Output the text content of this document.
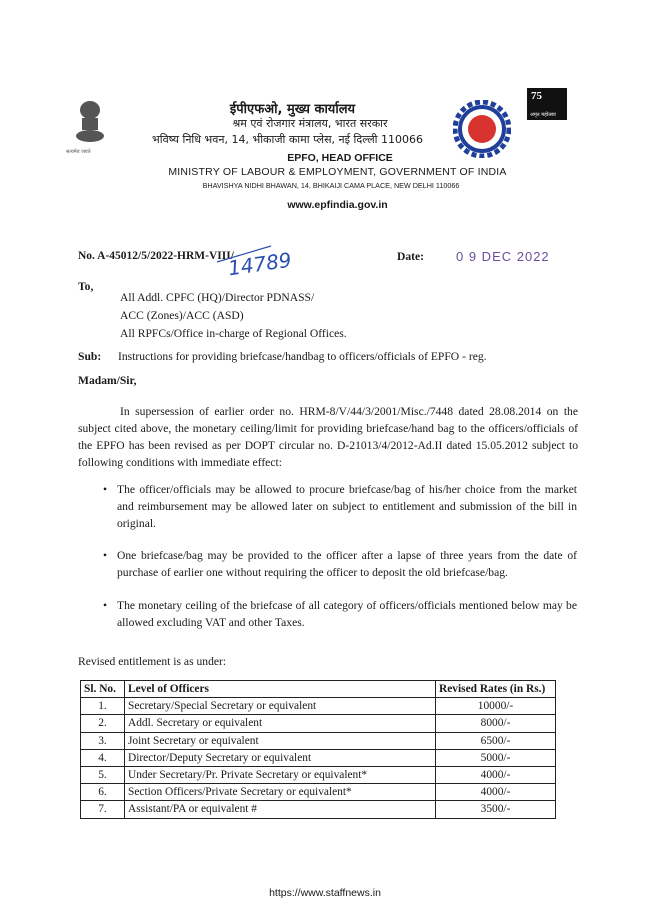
सत्यमेव जयते
ईपीएफओ, मुख्य कार्यालय
श्रम एवं रोजगार मंत्रालय, भारत सरकार
भविष्य निधि भवन, 14, भीकाजी कामा प्लेस, नई दिल्ली 110066
EPFO, HEAD OFFICE
MINISTRY OF LABOUR & EMPLOYMENT, GOVERNMENT OF INDIA
BHAVISHYA NIDHI BHAWAN, 14, BHIKAIJI CAMA PLACE, NEW DELHI 110066
www.epfindia.gov.in
अमृत महोत्सव
75
No. A-45012/5/2022-HRM-VIII/
14789	Date: 0 9 DEC 2022
To,
All Addl. CPFC (HQ)/Director PDNASS/
ACC (Zones)/ACC (ASD)
All RPFCs/Office in-charge of Regional Offices.
Sub: Instructions for providing briefcase/handbag to officers/officials of EPFO - reg.
Madam/Sir,

In supersession of earlier order no. HRM-8/V/44/3/2001/Misc./7448 dated 28.08.2014 on the subject cited above, the monetary ceiling/limit for providing briefcase/hand bag to the officers/officials of the EPFO has been revised as per DOPT circular no. D-21013/4/2012-Ad.II dated 15.05.2012 subject to following conditions with immediate effect:

• The officer/officials may be allowed to procure briefcase/bag of his/her choice from the market and reimbursement may be allowed later on subject to entitlement and submission of the bill in original.

• One briefcase/bag may be provided to the officer after a lapse of three years from the date of purchase of earlier one without requiring the officer to deposit the old briefcase/bag.

• The monetary ceiling of the briefcase of all category of officers/officials mentioned below may be allowed excluding VAT and other Taxes.

Revised entitlement is as under:
Sl. No.	Level of Officers	Revised Rates (in Rs.)
1.	Secretary/Special Secretary or equivalent	10000/-
2.	Addl. Secretary or equivalent	8000/-
3.	Joint Secretary or equivalent	6500/-
4.	Director/Deputy Secretary or equivalent	5000/-
5.	Under Secretary/Pr. Private Secretary or equivalent*	4000/-
6.	Section Officers/Private Secretary or equivalent*	4000/-
7.	Assistant/PA or equivalent #	3500/-
https://www.staffnews.in
